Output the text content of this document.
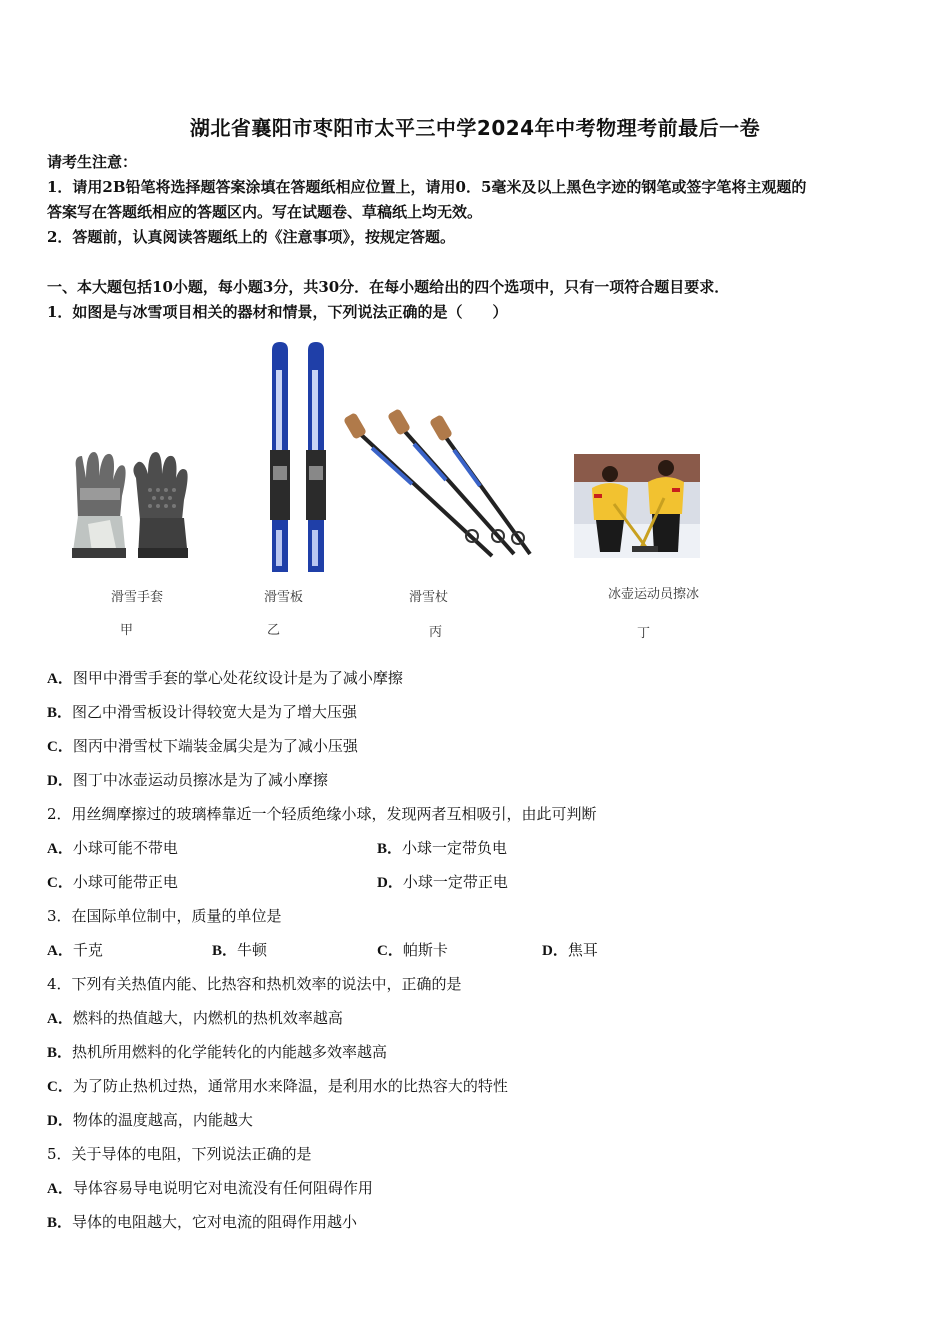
湖北省襄阳市枣阳市太平三中学2024年中考物理考前最后一卷
请考生注意：
1．请用2B铅笔将选择题答案涂填在答题纸相应位置上，请用0．5毫米及以上黑色字迹的钢笔或签字笔将主观题的
答案写在答题纸相应的答题区内。写在试题卷、草稿纸上均无效。
2．答题前，认真阅读答题纸上的《注意事项》，按规定答题。
一、本大题包括10小题，每小题3分，共30分．在每小题给出的四个选项中，只有一项符合题目要求．
1．如图是与冰雪项目相关的器材和情景，下列说法正确的是（　　）
滑雪手套	滑雪板	滑雪杖	冰壶运动员擦冰
甲	乙	丙	丁
A．图甲中滑雪手套的掌心处花纹设计是为了减小摩擦
B．图乙中滑雪板设计得较宽大是为了增大压强
C．图丙中滑雪杖下端装金属尖是为了减小压强
D．图丁中冰壶运动员擦冰是为了减小摩擦
2．用丝绸摩擦过的玻璃棒靠近一个轻质绝缘小球，发现两者互相吸引，由此可判断
A．小球可能不带电	B．小球一定带负电
C．小球可能带正电	D．小球一定带正电
3．在国际单位制中，质量的单位是
A．千克	B．牛顿	C．帕斯卡	D．焦耳
4．下列有关热值内能、比热容和热机效率的说法中，正确的是
A．燃料的热值越大，内燃机的热机效率越高
B．热机所用燃料的化学能转化的内能越多效率越高
C．为了防止热机过热，通常用水来降温，是利用水的比热容大的特性
D．物体的温度越高，内能越大
5．关于导体的电阻，下列说法正确的是
A．导体容易导电说明它对电流没有任何阻碍作用
B．导体的电阻越大，它对电流的阻碍作用越小
